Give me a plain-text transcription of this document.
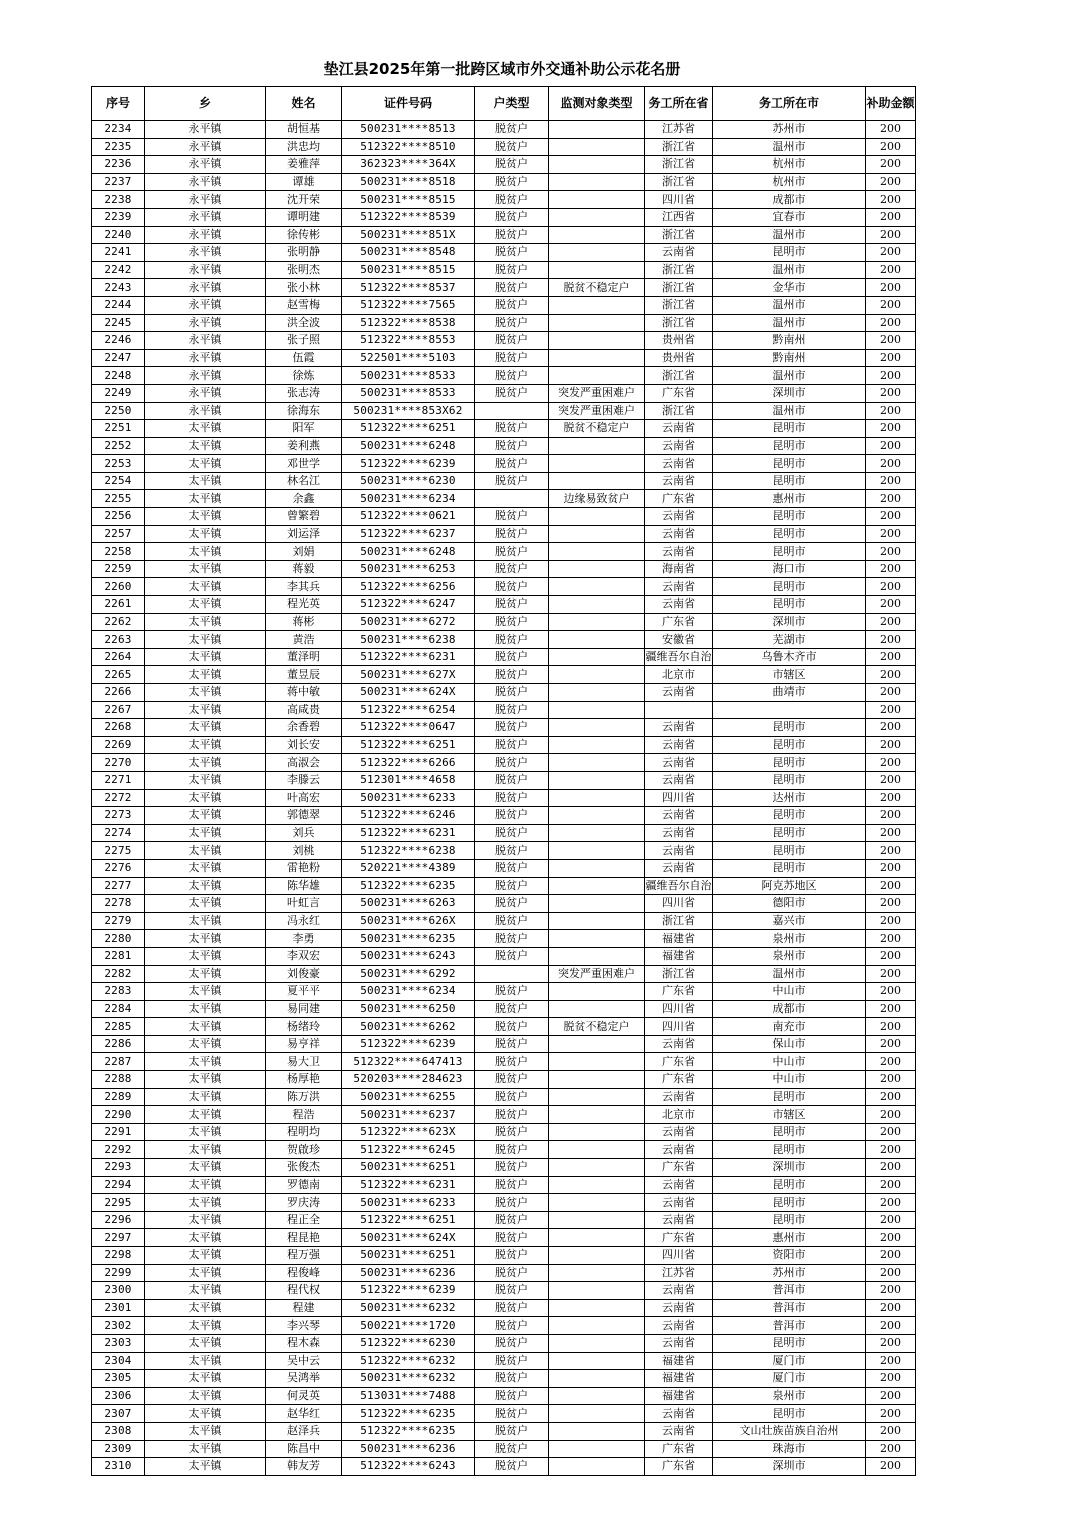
垫江县2025年第一批跨区域市外交通补助公示花名册
序号	乡	姓名	证件号码	户类型	监测对象类型	务工所在省	务工所在市	补助金额
2234	永平镇	胡恒基	500231****8513	脱贫户		江苏省	苏州市	200
2235	永平镇	洪忠均	512322****8510	脱贫户		浙江省	温州市	200
2236	永平镇	姜雅萍	362323****364X	脱贫户		浙江省	杭州市	200
2237	永平镇	谭雄	500231****8518	脱贫户		浙江省	杭州市	200
2238	永平镇	沈开荣	500231****8515	脱贫户		四川省	成都市	200
2239	永平镇	谭明建	512322****8539	脱贫户		江西省	宜春市	200
2240	永平镇	徐传彬	500231****851X	脱贫户		浙江省	温州市	200
2241	永平镇	张明静	500231****8548	脱贫户		云南省	昆明市	200
2242	永平镇	张明杰	500231****8515	脱贫户		浙江省	温州市	200
2243	永平镇	张小林	512322****8537	脱贫户	脱贫不稳定户	浙江省	金华市	200
2244	永平镇	赵雪梅	512322****7565	脱贫户		浙江省	温州市	200
2245	永平镇	洪全波	512322****8538	脱贫户		浙江省	温州市	200
2246	永平镇	张子照	512322****8553	脱贫户		贵州省	黔南州	200
2247	永平镇	伍霞	522501****5103	脱贫户		贵州省	黔南州	200
2248	永平镇	徐炼	500231****8533	脱贫户		浙江省	温州市	200
2249	永平镇	张志涛	500231****8533	脱贫户	突发严重困难户	广东省	深圳市	200
2250	永平镇	徐海东	500231****853X62		突发严重困难户	浙江省	温州市	200
2251	太平镇	阳军	512322****6251	脱贫户	脱贫不稳定户	云南省	昆明市	200
2252	太平镇	姜利燕	500231****6248	脱贫户		云南省	昆明市	200
2253	太平镇	邓世学	512322****6239	脱贫户		云南省	昆明市	200
2254	太平镇	林名江	500231****6230	脱贫户		云南省	昆明市	200
2255	太平镇	余鑫	500231****6234		边缘易致贫户	广东省	惠州市	200
2256	太平镇	曾繁碧	512322****0621	脱贫户		云南省	昆明市	200
2257	太平镇	刘运泽	512322****6237	脱贫户		云南省	昆明市	200
2258	太平镇	刘娟	500231****6248	脱贫户		云南省	昆明市	200
2259	太平镇	蒋毅	500231****6253	脱贫户		海南省	海口市	200
2260	太平镇	李其兵	512322****6256	脱贫户		云南省	昆明市	200
2261	太平镇	程光英	512322****6247	脱贫户		云南省	昆明市	200
2262	太平镇	蒋彬	500231****6272	脱贫户		广东省	深圳市	200
2263	太平镇	黄浩	500231****6238	脱贫户		安徽省	芜湖市	200
2264	太平镇	董泽明	512322****6231	脱贫户		疆维吾尔自治	乌鲁木齐市	200
2265	太平镇	董昱辰	500231****627X	脱贫户		北京市	市辖区	200
2266	太平镇	蒋中敏	500231****624X	脱贫户		云南省	曲靖市	200
2267	太平镇	高咸贵	512322****6254	脱贫户				200
2268	太平镇	余香碧	512322****0647	脱贫户		云南省	昆明市	200
2269	太平镇	刘长安	512322****6251	脱贫户		云南省	昆明市	200
2270	太平镇	高淑会	512322****6266	脱贫户		云南省	昆明市	200
2271	太平镇	李滕云	512301****4658	脱贫户		云南省	昆明市	200
2272	太平镇	叶高宏	500231****6233	脱贫户		四川省	达州市	200
2273	太平镇	郭德翠	512322****6246	脱贫户		云南省	昆明市	200
2274	太平镇	刘兵	512322****6231	脱贫户		云南省	昆明市	200
2275	太平镇	刘桃	512322****6238	脱贫户		云南省	昆明市	200
2276	太平镇	雷艳粉	520221****4389	脱贫户		云南省	昆明市	200
2277	太平镇	陈华雄	512322****6235	脱贫户		疆维吾尔自治	阿克苏地区	200
2278	太平镇	叶虹言	500231****6263	脱贫户		四川省	德阳市	200
2279	太平镇	冯永红	500231****626X	脱贫户		浙江省	嘉兴市	200
2280	太平镇	李勇	500231****6235	脱贫户		福建省	泉州市	200
2281	太平镇	李双宏	500231****6243	脱贫户		福建省	泉州市	200
2282	太平镇	刘俊豪	500231****6292		突发严重困难户	浙江省	温州市	200
2283	太平镇	夏平平	500231****6234	脱贫户		广东省	中山市	200
2284	太平镇	易同建	500231****6250	脱贫户		四川省	成都市	200
2285	太平镇	杨绪玲	500231****6262	脱贫户	脱贫不稳定户	四川省	南充市	200
2286	太平镇	易亨祥	512322****6239	脱贫户		云南省	保山市	200
2287	太平镇	易大卫	512322****647413	脱贫户		广东省	中山市	200
2288	太平镇	杨厚艳	520203****284623	脱贫户		广东省	中山市	200
2289	太平镇	陈万洪	500231****6255	脱贫户		云南省	昆明市	200
2290	太平镇	程浩	500231****6237	脱贫户		北京市	市辖区	200
2291	太平镇	程明均	512322****623X	脱贫户		云南省	昆明市	200
2292	太平镇	贺啟珍	512322****6245	脱贫户		云南省	昆明市	200
2293	太平镇	张俊杰	500231****6251	脱贫户		广东省	深圳市	200
2294	太平镇	罗德南	512322****6231	脱贫户		云南省	昆明市	200
2295	太平镇	罗庆涛	500231****6233	脱贫户		云南省	昆明市	200
2296	太平镇	程正全	512322****6251	脱贫户		云南省	昆明市	200
2297	太平镇	程昆艳	500231****624X	脱贫户		广东省	惠州市	200
2298	太平镇	程万强	500231****6251	脱贫户		四川省	资阳市	200
2299	太平镇	程俊峰	500231****6236	脱贫户		江苏省	苏州市	200
2300	太平镇	程代权	512322****6239	脱贫户		云南省	普洱市	200
2301	太平镇	程建	500231****6232	脱贫户		云南省	普洱市	200
2302	太平镇	李兴琴	500221****1720	脱贫户		云南省	普洱市	200
2303	太平镇	程木森	512322****6230	脱贫户		云南省	昆明市	200
2304	太平镇	吴中云	512322****6232	脱贫户		福建省	厦门市	200
2305	太平镇	吴鸿举	500231****6232	脱贫户		福建省	厦门市	200
2306	太平镇	何灵英	513031****7488	脱贫户		福建省	泉州市	200
2307	太平镇	赵华红	512322****6235	脱贫户		云南省	昆明市	200
2308	太平镇	赵泽兵	512322****6235	脱贫户		云南省	文山壮族苗族自治州	200
2309	太平镇	陈昌中	500231****6236	脱贫户		广东省	珠海市	200
2310	太平镇	韩友芳	512322****6243	脱贫户		广东省	深圳市	200
